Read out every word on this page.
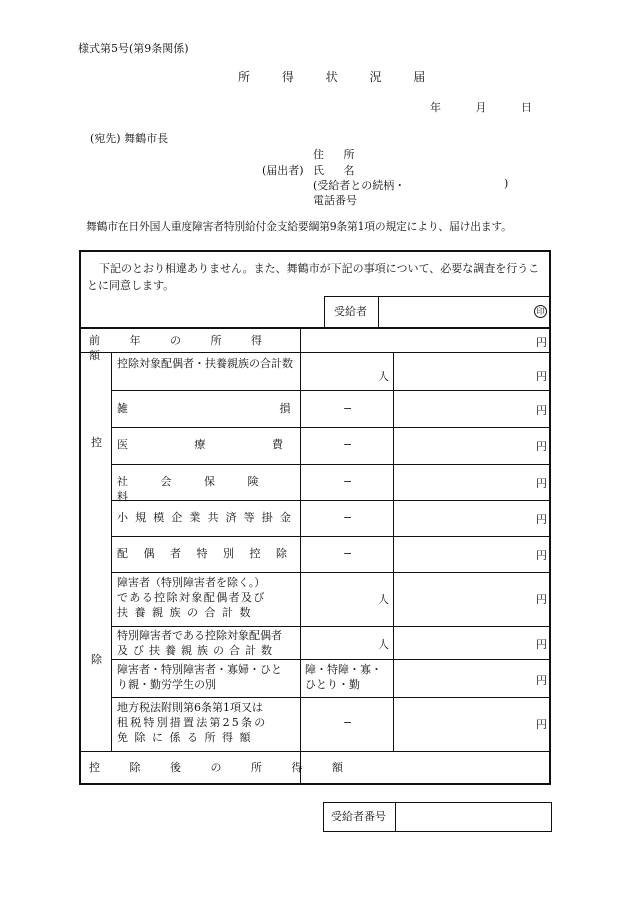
様式第5号(第9条関係)
所 得 状 況 届
年	月	日
(宛先) 舞鶴市長
住 所
(届出者) 氏 名
(受給者との続柄・	)
電話番号
舞鶴市在日外国人重度障害者特別給付金支給要綱第9条第1項の規定により、届け出ます。
下記のとおり相違ありません。また、舞鶴市が下記の事項について、必要な調査を行うことに同意します。
受給者	印
前 年 の 所 得 額
円
控
除
控除対象配偶者・扶養親族の合計数
人	円
雑 損	−	円
医 療 費	−	円
社 会 保 険 料
−	円
小 規 模 企 業 共 済 等 掛 金	−	円
配 偶 者 特 別 控 除	−	円
障害者（特別障害者を除く。）
である控除対象配偶者及び
扶 養 親 族 の 合 計 数
人	円
特別障害者である控除対象配偶者
及 び 扶 養 親 族 の 合 計 数	人	円
障害者・特別障害者・寡婦・ひと
り親・勤労学生の別
障・特障・寡・
ひとり・勤	円
地方税法附則第6条第1項又は
租税特別措置法第25条の
免 除 に 係 る 所 得 額
−	円
控 除 後 の 所 得 額
受給者番号
